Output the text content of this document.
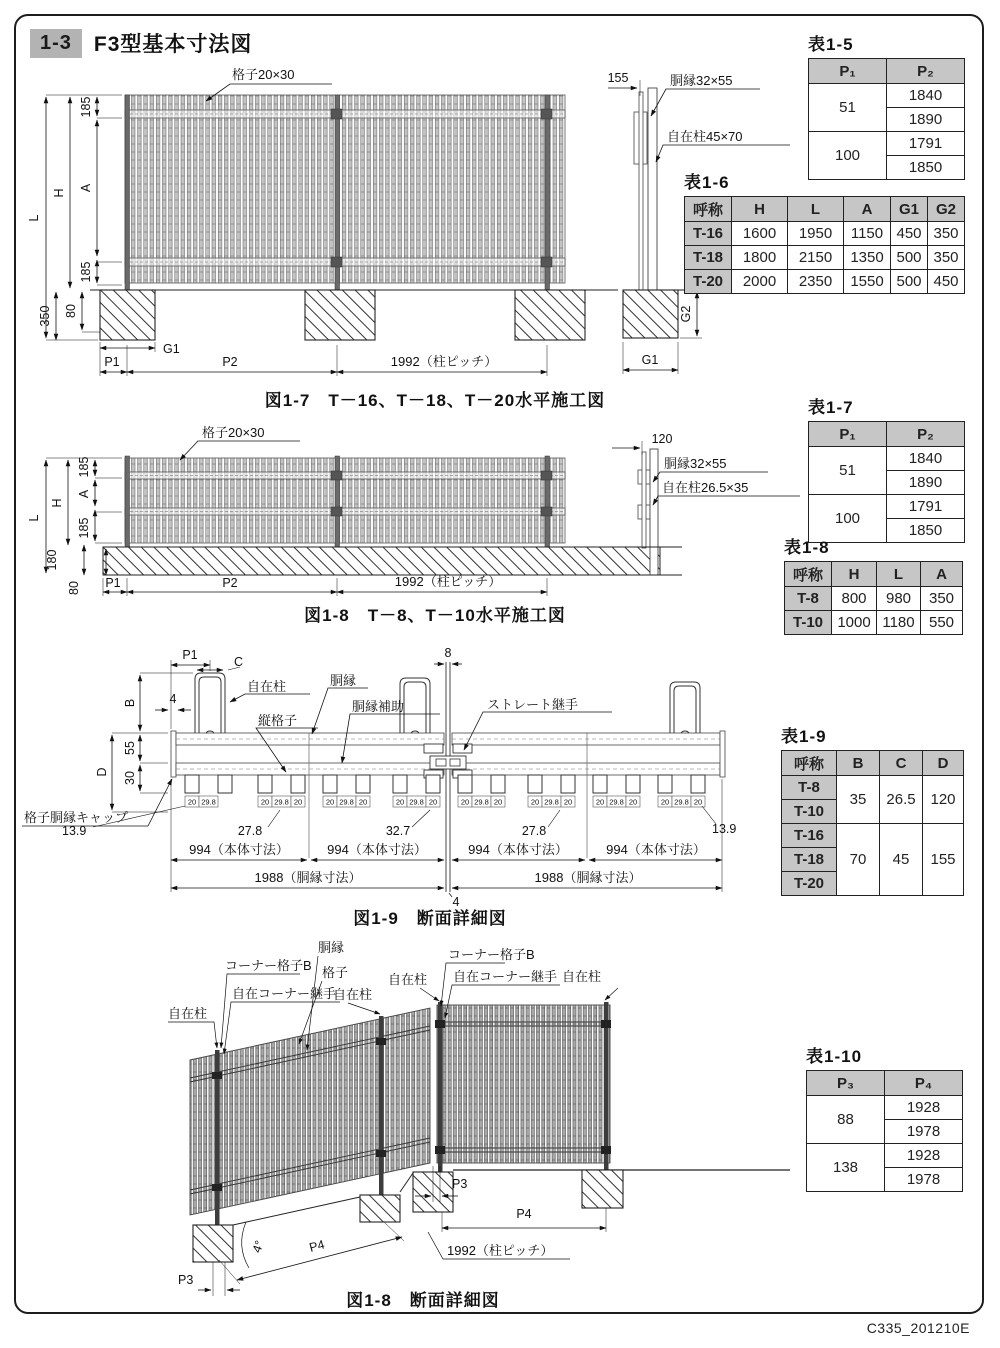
1-3	F3型基本寸法図
L
H
185
A
185
350 80
G1
P1	P2	1992（柱ピッチ）
格子20×30	155	胴縁32×55
自在柱45×70
G2
G1
L
H
185
A
185
180
80 P1	P2	1992（柱ピッチ）
格子20×30	120
胴縁32×55
自在柱26.5×35
20 29.8	20 29.8 20	20 29.8 20	20 29.8 20	20 29.8 20	20 29.8 20	20 29.8 20	20 29.8 20
P1	C
4
8
自在柱	胴縁
縦格子
胴縁補助	ストレート継手
格子胴縁キャップ
B
D
55
30
13.9	27.8	32.7	27.8	13.9
994（本体寸法）	994（本体寸法）	994（本体寸法）	994（本体寸法）
1988（胴縁寸法）	1988（胴縁寸法）
4
自在柱
コーナー格子B
自在コーナー継手
胴縁
格子
自在柱
自在柱
コーナー格子B
自在コーナー継手 自在柱
P3
P4
1992（柱ピッチ）
P4
4°
P3
図1-7　T－16、T－18、T－20水平施工図
図1-8　T－8、T－10水平施工図
図1-9　断面詳細図
図1-8　断面詳細図
表1-5
P₁	P₂
51	1840
	1890
100	1791
	1850
表1-6
呼称	H	L	A	G1	G2
T-16	1600	1950	1150	450	350
T-18	1800	2150	1350	500	350
T-20	2000	2350	1550	500	450
表1-7
P₁	P₂
51	1840
	1890
100	1791
	1850
表1-8
呼称	H	L	A
T-8	800	980	350
T-10	1000	1180	550
表1-9
呼称	B	C	D
T-8	35	26.5	120
T-10			
T-16	70	45	155
T-18			
T-20			
表1-10
P₃	P₄
88	1928
	1978
138	1928
	1978
C335_201210E
